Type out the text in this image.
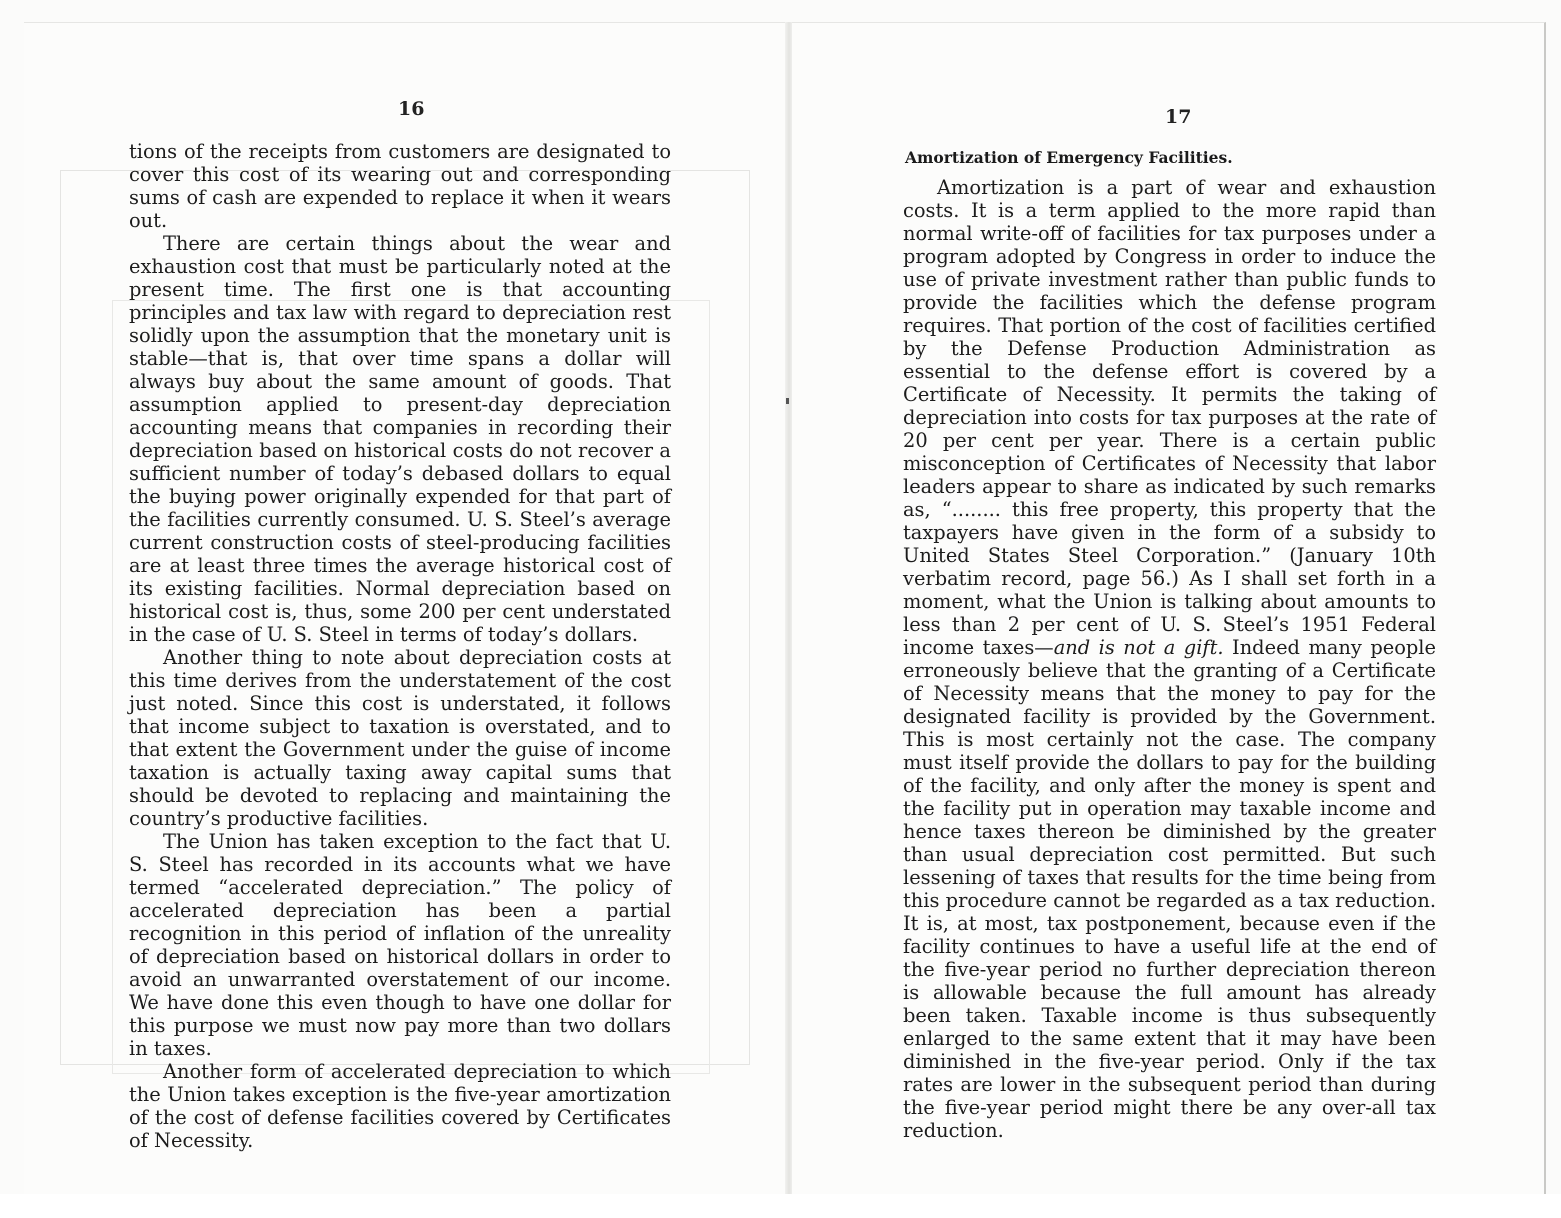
16	17

tions of the receipts from customers are designated to cover this cost of its wearing out and corresponding sums of cash are expended to replace it when it wears out.

There are certain things about the wear and exhaustion cost that must be particularly noted at the present time. The first one is that accounting principles and tax law with regard to depreciation rest solidly upon the assumption that the monetary unit is stable—that is, that over time spans a dollar will always buy about the same amount of goods. That assumption applied to present-day depreciation accounting means that companies in recording their depreciation based on historical costs do not recover a sufficient number of today’s debased dollars to equal the buying power originally expended for that part of the facilities currently consumed. U. S. Steel’s average current construction costs of steel-producing facilities are at least three times the average historical cost of its existing facilities. Normal depreciation based on historical cost is, thus, some 200 per cent understated in the case of U. S. Steel in terms of today’s dollars.

Another thing to note about depreciation costs at this time derives from the understatement of the cost just noted. Since this cost is understated, it follows that income subject to taxation is overstated, and to that extent the Government under the guise of income taxation is actually taxing away capital sums that should be devoted to replacing and maintaining the country’s productive facilities.

The Union has taken exception to the fact that U. S. Steel has recorded in its accounts what we have termed “accelerated depreciation.” The policy of accelerated depreciation has been a partial recognition in this period of inflation of the unreality of depreciation based on historical dollars in order to avoid an unwarranted overstatement of our income. We have done this even though to have one dollar for this purpose we must now pay more than two dollars in taxes.

Another form of accelerated depreciation to which the Union takes exception is the five-year amortization of the cost of defense facilities covered by Certificates of Necessity.

Amortization of Emergency Facilities.

Amortization is a part of wear and exhaustion costs. It is a term applied to the more rapid than normal write-off of facilities for tax purposes under a program adopted by Congress in order to induce the use of private investment rather than public funds to provide the facilities which the defense program requires. That portion of the cost of facilities certified by the Defense Production Administration as essential to the defense effort is covered by a Certificate of Necessity. It permits the taking of depreciation into costs for tax purposes at the rate of 20 per cent per year. There is a certain public misconception of Certificates of Necessity that labor leaders appear to share as indicated by such remarks as, “........ this free property, this property that the taxpayers have given in the form of a subsidy to United States Steel Corporation.” (January 10th verbatim record, page 56.) As I shall set forth in a moment, what the Union is talking about amounts to less than 2 per cent of U. S. Steel’s 1951 Federal income taxes—and is not a gift. Indeed many people erroneously believe that the granting of a Certificate of Necessity means that the money to pay for the designated facility is provided by the Government. This is most certainly not the case. The company must itself provide the dollars to pay for the building of the facility, and only after the money is spent and the facility put in operation may taxable income and hence taxes thereon be diminished by the greater than usual depreciation cost permitted. But such lessening of taxes that results for the time being from this procedure cannot be regarded as a tax reduction. It is, at most, tax postponement, because even if the facility continues to have a useful life at the end of the five-year period no further depreciation thereon is allowable because the full amount has already been taken. Taxable income is thus subsequently enlarged to the same extent that it may have been diminished in the five-year period. Only if the tax rates are lower in the subsequent period than during the five-year period might there be any over-all tax reduction.
